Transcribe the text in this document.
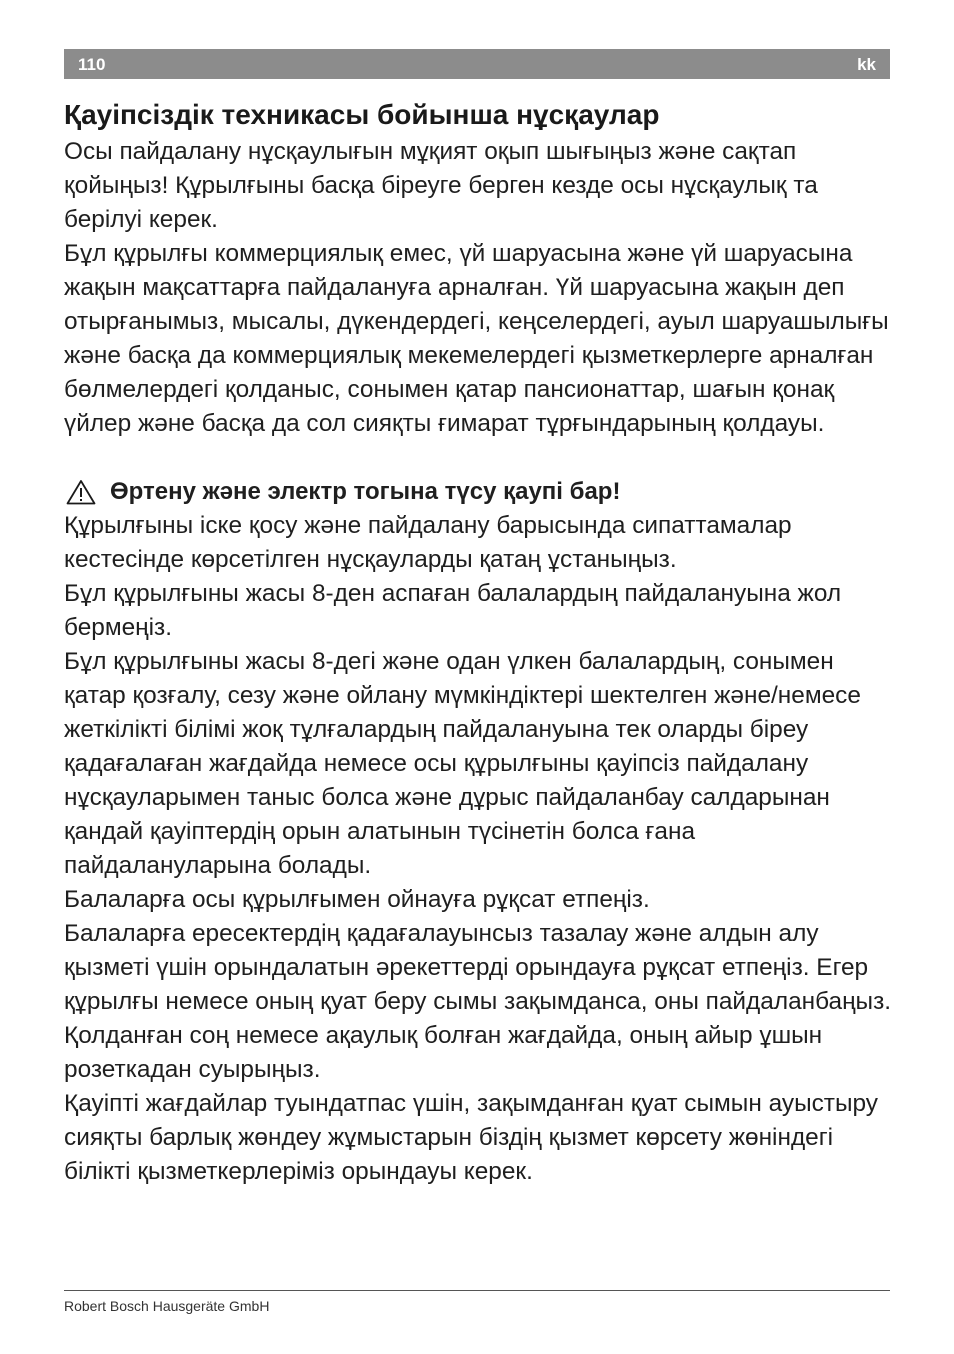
110	kk
Қауіпсіздік техникасы бойынша нұсқаулар

Осы пайдалану нұсқаулығын мұқият оқып шығыңыз және сақтап қойыңыз! Құрылғыны басқа біреуге берген кезде осы нұсқаулық та берілуі керек.

Бұл құрылғы коммерциялық емес, үй шаруасына және үй шаруасына жақын мақсаттарға пайдалануға арналған. Үй шаруасына жақын деп отырғанымыз, мысалы, дүкендердегі, кеңселердегі, ауыл шаруашылығы және басқа да коммерциялық мекемелердегі қызметкерлерге арналған бөлмелердегі қолданыс, сонымен қатар пансионаттар, шағын қонақ үйлер және басқа да сол сияқты ғимарат тұрғындарының қолдауы.

Өртену және электр тогына түсу қаупі бар!

Құрылғыны іске қосу және пайдалану барысында сипаттамалар кестесінде көрсетілген нұсқауларды қатаң ұстаныңыз.

Бұл құрылғыны жасы 8-ден аспаған балалардың пайдалануына жол бермеңіз.

Бұл құрылғыны жасы 8-дегі және одан үлкен балалардың, сонымен қатар қозғалу, сезу және ойлану мүмкіндіктері шектелген және/немесе жеткілікті білімі жоқ тұлғалардың пайдалануына тек оларды біреу қадағалаған жағдайда немесе осы құрылғыны қауіпсіз пайдалану нұсқауларымен таныс болса және дұрыс пайдаланбау салдарынан қандай қауіптердің орын алатынын түсінетін болса ғана пайдалануларына болады.

Балаларға осы құрылғымен ойнауға рұқсат етпеңіз.

Балаларға ересектердің қадағалауынсыз тазалау және алдын алу қызметі үшін орындалатын әрекеттерді орындауға рұқсат етпеңіз. Егер құрылғы немесе оның қуат беру сымы зақымданса, оны пайдаланбаңыз.

Қолданған соң немесе ақаулық болған жағдайда, оның айыр ұшын розеткадан суырыңыз.

Қауіпті жағдайлар туындатпас үшін, зақымданған қуат сымын ауыстыру сияқты барлық жөндеу жұмыстарын біздің қызмет көрсету жөніндегі білікті қызметкерлеріміз орындауы керек.

Robert Bosch Hausgeräte GmbH
